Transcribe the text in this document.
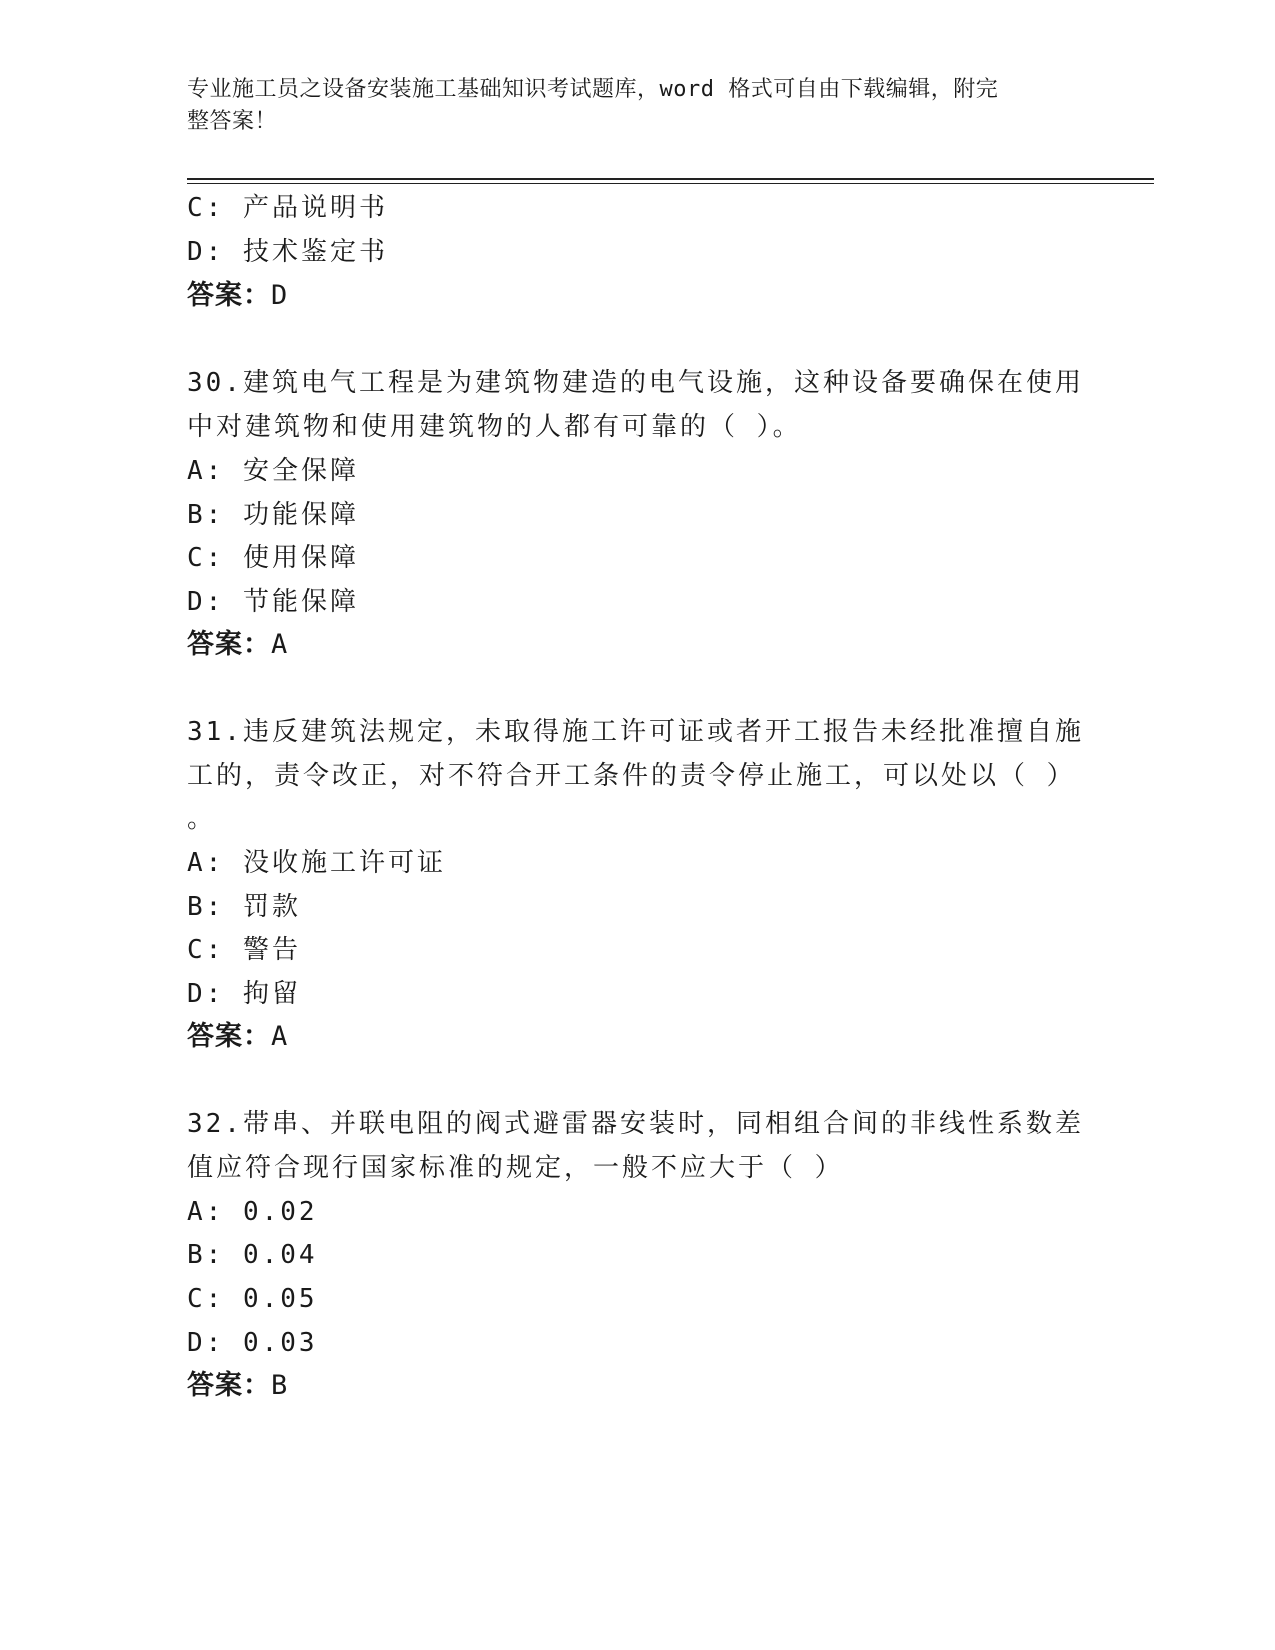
专业施工员之设备安装施工基础知识考试题库，word 格式可自由下载编辑，附完
整答案！
C: 产品说明书
D: 技术鉴定书
答案：D
30.建筑电气工程是为建筑物建造的电气设施，这种设备要确保在使用
中对建筑物和使用建筑物的人都有可靠的（ ）。
A: 安全保障
B: 功能保障
C: 使用保障
D: 节能保障
答案：A
31.违反建筑法规定，未取得施工许可证或者开工报告未经批准擅自施
工的，责令改正，对不符合开工条件的责令停止施工，可以处以（ ）
。
A: 没收施工许可证
B: 罚款
C: 警告
D: 拘留
答案：A
32.带串、并联电阻的阀式避雷器安装时，同相组合间的非线性系数差
值应符合现行国家标准的规定，一般不应大于（ ）
A: 0.02
B: 0.04
C: 0.05
D: 0.03
答案：B
